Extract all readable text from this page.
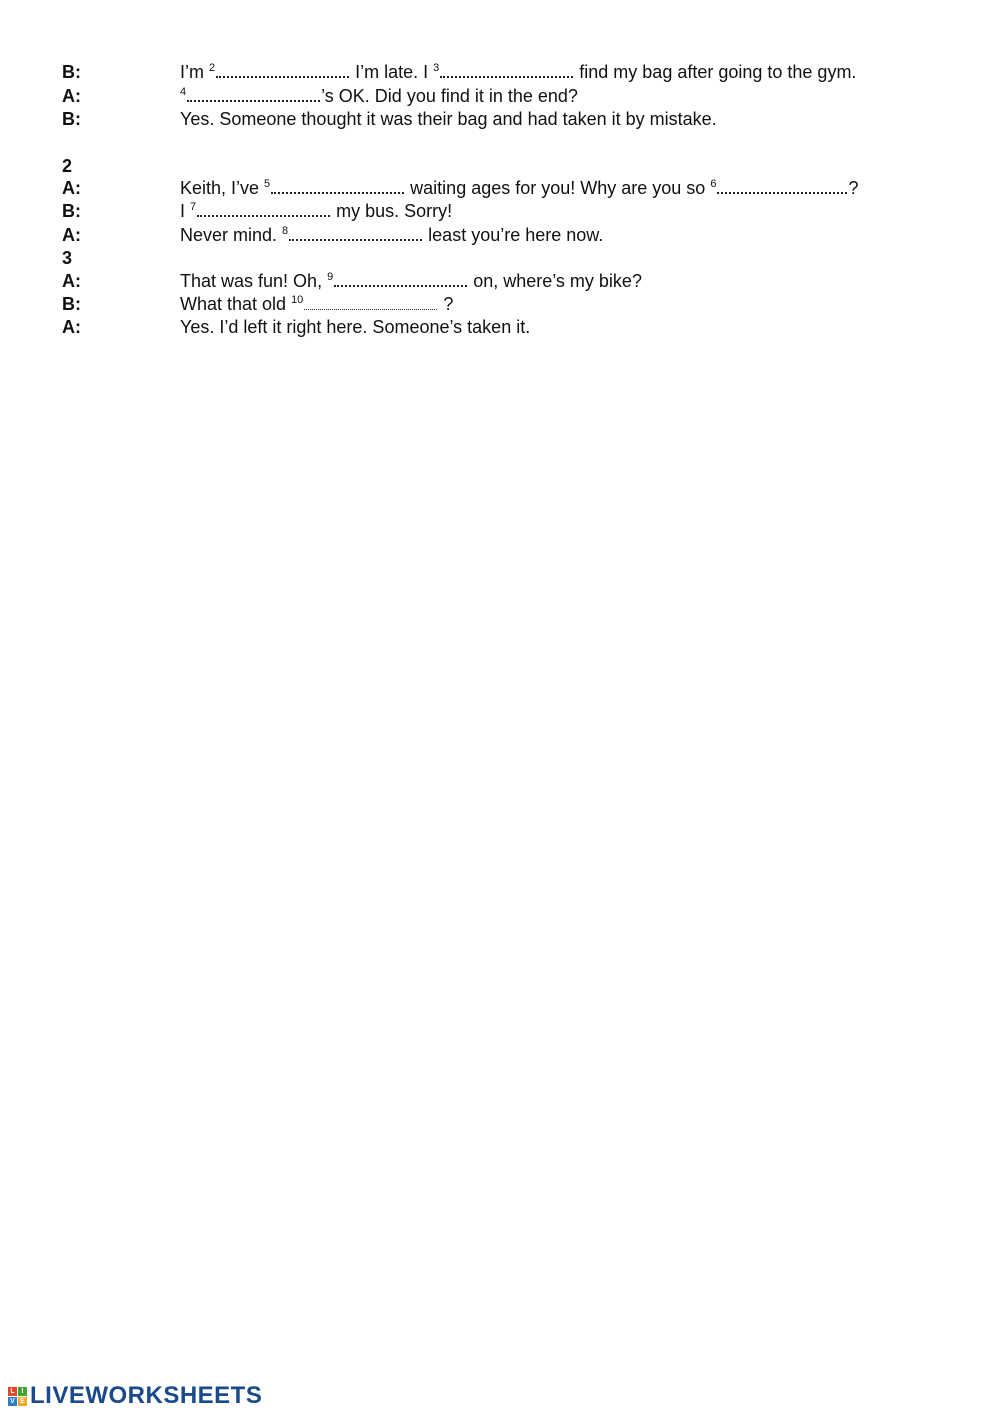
B:	I’m $^2$	I’m late. I $^3$	find my bag after going to the gym.
A:	$^4$	’s OK. Did you find it in the end?
B:	Yes. Someone thought it was their bag and had taken it by mistake.
2
A:	Keith, I’ve $^5$	waiting ages for you! Why are you so $^6$	?
B:	I $^7$	my bus. Sorry!
A:	Never mind. $^8$	least you’re here now.
3
A:	That was fun! Oh, $^9$	on, where’s my bike?
B:	What that old $^{10}$	?
A:	Yes. I’d left it right here. Someone’s taken it.
L I
V E LIVEWORKSHEETS
